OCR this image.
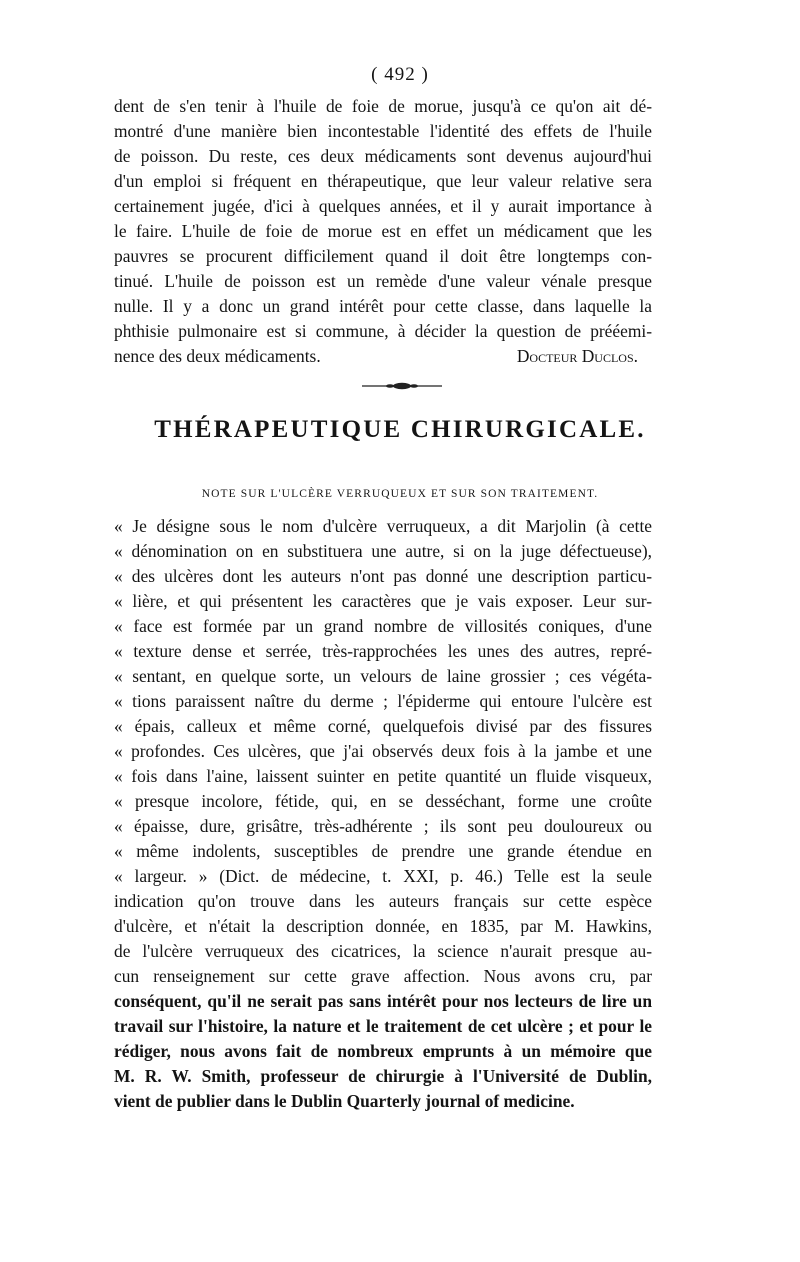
( 492 )
dent de s'en tenir à l'huile de foie de morue, jusqu'à ce qu'on ait dé-
montré d'une manière bien incontestable l'identité des effets de l'huile
de poisson. Du reste, ces deux médicaments sont devenus aujourd'hui
d'un emploi si fréquent en thérapeutique, que leur valeur relative sera
certainement jugée, d'ici à quelques années, et il y aurait importance à
le faire. L'huile de foie de morue est en effet un médicament que les
pauvres se procurent difficilement quand il doit être longtemps con-
tinué. L'huile de poisson est un remède d'une valeur vénale presque
nulle. Il y a donc un grand intérêt pour cette classe, dans laquelle la
phthisie pulmonaire est si commune, à décider la question de prééemi-
nence des deux médicaments.	Docteur Duclos.
THÉRAPEUTIQUE CHIRURGICALE.
NOTE SUR L'ULCÈRE VERRUQUEUX ET SUR SON TRAITEMENT.
« Je désigne sous le nom d'ulcère verruqueux, a dit Marjolin (à cette
« dénomination on en substituera une autre, si on la juge défectueuse),
« des ulcères dont les auteurs n'ont pas donné une description particu-
« lière, et qui présentent les caractères que je vais exposer. Leur sur-
« face est formée par un grand nombre de villosités coniques, d'une
« texture dense et serrée, très-rapprochées les unes des autres, repré-
« sentant, en quelque sorte, un velours de laine grossier ; ces végéta-
« tions paraissent naître du derme ; l'épiderme qui entoure l'ulcère est
« épais, calleux et même corné, quelquefois divisé par des fissures
« profondes. Ces ulcères, que j'ai observés deux fois à la jambe et une
« fois dans l'aine, laissent suinter en petite quantité un fluide visqueux,
« presque incolore, fétide, qui, en se desséchant, forme une croûte
« épaisse, dure, grisâtre, très-adhérente ; ils sont peu douloureux ou
« même indolents, susceptibles de prendre une grande étendue en
« largeur. » (Dict. de médecine, t. XXI, p. 46.) Telle est la seule
indication qu'on trouve dans les auteurs français sur cette espèce
d'ulcère, et n'était la description donnée, en 1835, par M. Hawkins,
de l'ulcère verruqueux des cicatrices, la science n'aurait presque au-
cun renseignement sur cette grave affection. Nous avons cru, par
conséquent, qu'il ne serait pas sans intérêt pour nos lecteurs de lire un
travail sur l'histoire, la nature et le traitement de cet ulcère ; et pour le
rédiger, nous avons fait de nombreux emprunts à un mémoire que
M. R. W. Smith, professeur de chirurgie à l'Université de Dublin,
vient de publier dans le Dublin Quarterly journal of medicine.
